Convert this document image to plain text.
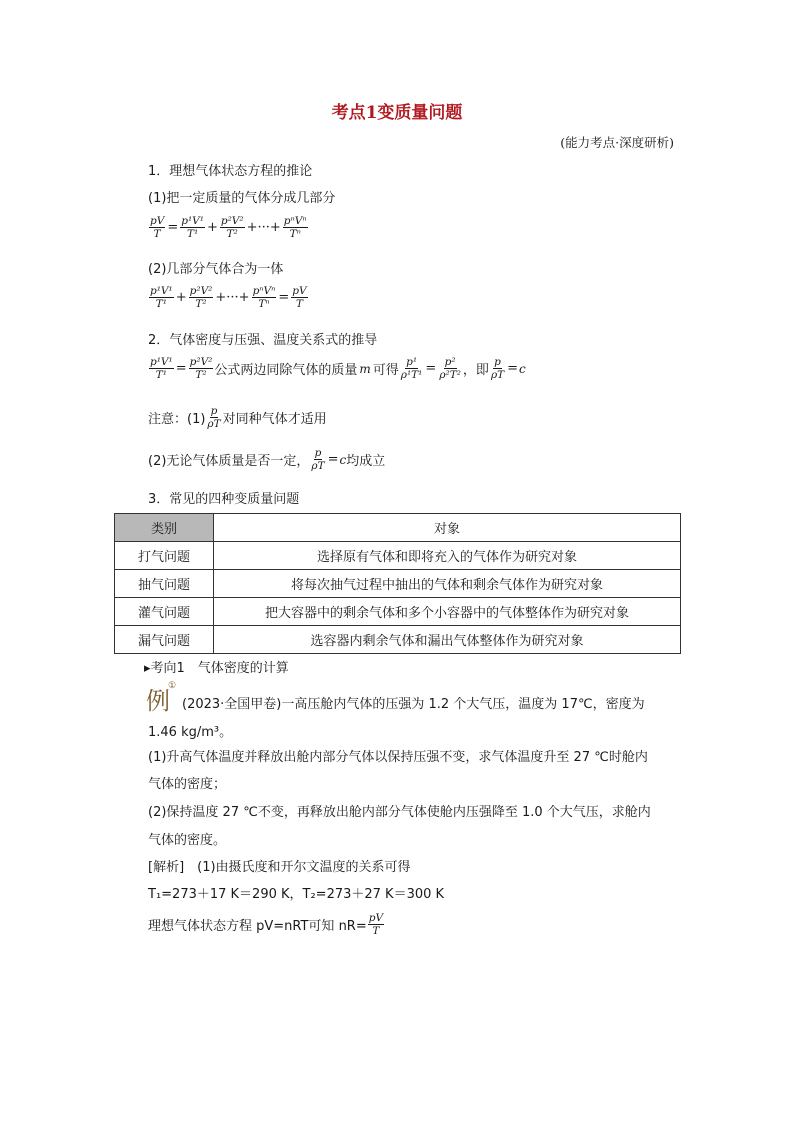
考点1变质量问题
(能力考点·深度研析)
1．理想气体状态方程的推论
(1)把一定质量的气体分成几部分
$\frac{pV}{T} = \frac{\text{p¹V¹}}{\text{T¹}} + \frac{\text{p²V²}}{\text{T²}}$ +···+ $\frac{\text{pⁿVⁿ}}{\text{Tⁿ}}$
(2)几部分气体合为一体
$\frac{\text{p¹V¹}}{\text{T¹}} + \frac{\text{p²V²}}{\text{T²}}$ +···+ $\frac{\text{pⁿVⁿ}}{\text{Tⁿ}} = \frac{pV}{T}$
2．气体密度与压强、温度关系式的推导
$\frac{\text{p¹V¹}}{\text{T¹}} = \frac{\text{p²V²}}{\text{T²}}$ 公式两边同除气体的质量 m 可得 $\frac{\text{p¹}}{\text{ρ¹T¹}} = \frac{\text{p²}}{\text{ρ²T²}}$ ，即 $\frac{p}{\rho T} = c$
注意：$(1) \frac{p}{\rho T}$ 对同种气体才适用
(2)无论气体质量是否一定， $\frac{p}{\rho T} = c$ 均成立
3．常见的四种变质量问题
类别	对象
打气问题	选择原有气体和即将充入的气体作为研究对象
抽气问题	将每次抽气过程中抽出的气体和剩余气体作为研究对象
灌气问题	把大容器中的剩余气体和多个小容器中的气体整体作为研究对象
漏气问题	选容器内剩余气体和漏出气体整体作为研究对象
▸考向1　气体密度的计算
例
①
(2023·全国甲卷)一高压舱内气体的压强为 1.2 个大气压，温度为 17℃，密度为
1.46 kg/m³。
(1)升高气体温度并释放出舱内部分气体以保持压强不变，求气体温度升至 27 ℃时舱内
气体的密度；
(2)保持温度 27 ℃不变，再释放出舱内部分气体使舱内压强降至 1.0 个大气压，求舱内
气体的密度。
[解析]　(1)由摄氏度和开尔文温度的关系可得
T₁=273＋17 K＝290 K，T₂=273＋27 K＝300 K
理想气体状态方程 pV=nRT可知 $nR= \frac{pV}{T}$
